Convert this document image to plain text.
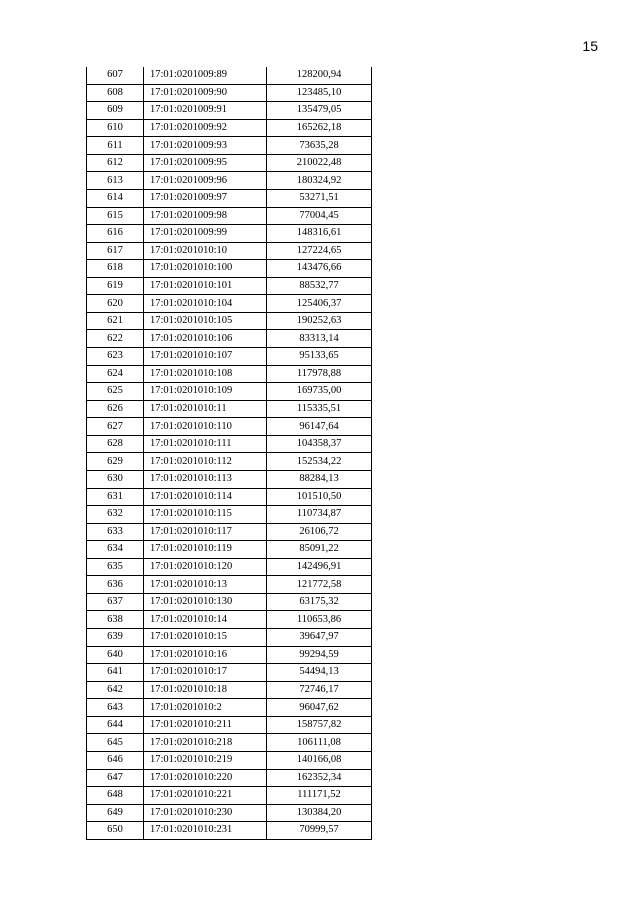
15
607	17:01:0201009:89	128200,94
608	17:01:0201009:90	123485,10
609	17:01:0201009:91	135479,05
610	17:01:0201009:92	165262,18
611	17:01:0201009:93	73635,28
612	17:01:0201009:95	210022,48
613	17:01:0201009:96	180324,92
614	17:01:0201009:97	53271,51
615	17:01:0201009:98	77004,45
616	17:01:0201009:99	148316,61
617	17:01:0201010:10	127224,65
618	17:01:0201010:100	143476,66
619	17:01:0201010:101	88532,77
620	17:01:0201010:104	125406,37
621	17:01:0201010:105	190252,63
622	17:01:0201010:106	83313,14
623	17:01:0201010:107	95133,65
624	17:01:0201010:108	117978,88
625	17:01:0201010:109	169735,00
626	17:01:0201010:11	115335,51
627	17:01:0201010:110	96147,64
628	17:01:0201010:111	104358,37
629	17:01:0201010:112	152534,22
630	17:01:0201010:113	88284,13
631	17:01:0201010:114	101510,50
632	17:01:0201010:115	110734,87
633	17:01:0201010:117	26106,72
634	17:01:0201010:119	85091,22
635	17:01:0201010:120	142496,91
636	17:01:0201010:13	121772,58
637	17:01:0201010:130	63175,32
638	17:01:0201010:14	110653,86
639	17:01:0201010:15	39647,97
640	17:01:0201010:16	99294,59
641	17:01:0201010:17	54494,13
642	17:01:0201010:18	72746,17
643	17:01:0201010:2	96047,62
644	17:01:0201010:211	158757,82
645	17:01:0201010:218	106111,08
646	17:01:0201010:219	140166,08
647	17:01:0201010:220	162352,34
648	17:01:0201010:221	111171,52
649	17:01:0201010:230	130384,20
650	17:01:0201010:231	70999,57
